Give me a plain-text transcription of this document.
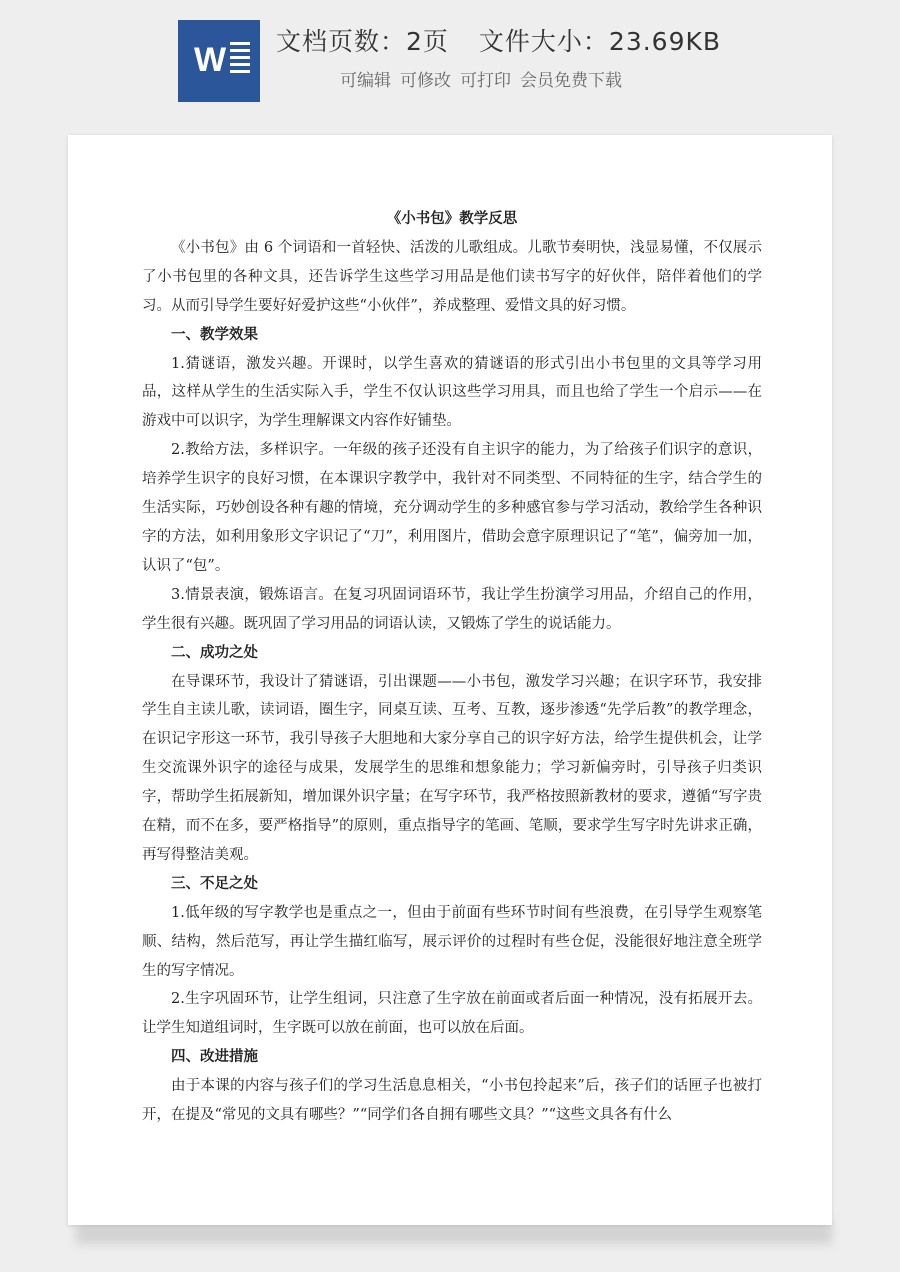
W 文档页数：2页 文件大小：23.69KB
可编辑 可修改 可打印 会员免费下载
《小书包》教学反思

《小书包》由 6 个词语和一首轻快、活泼的儿歌组成。儿歌节奏明快，浅显易懂，不仅展示了小书包里的各种文具，还告诉学生这些学习用品是他们读书写字的好伙伴，陪伴着他们的学习。从而引导学生要好好爱护这些“小伙伴”，养成整理、爱惜文具的好习惯。

一、教学效果

1.猜谜语，激发兴趣。开课时，以学生喜欢的猜谜语的形式引出小书包里的文具等学习用品，这样从学生的生活实际入手，学生不仅认识这些学习用具，而且也给了学生一个启示——在游戏中可以识字，为学生理解课文内容作好铺垫。

2.教给方法，多样识字。一年级的孩子还没有自主识字的能力，为了给孩子们识字的意识，培养学生识字的良好习惯，在本课识字教学中，我针对不同类型、不同特征的生字，结合学生的生活实际，巧妙创设各种有趣的情境，充分调动学生的多种感官参与学习活动，教给学生各种识字的方法，如利用象形文字识记了“刀”，利用图片，借助会意字原理识记了“笔”，偏旁加一加，认识了“包”。

3.情景表演，锻炼语言。在复习巩固词语环节，我让学生扮演学习用品，介绍自己的作用，学生很有兴趣。既巩固了学习用品的词语认读，又锻炼了学生的说话能力。

二、成功之处

在导课环节，我设计了猜谜语，引出课题——小书包，激发学习兴趣；在识字环节，我安排学生自主读儿歌，读词语，圈生字，同桌互读、互考、互教，逐步渗透“先学后教”的教学理念，在识记字形这一环节，我引导孩子大胆地和大家分享自己的识字好方法，给学生提供机会，让学生交流课外识字的途径与成果，发展学生的思维和想象能力；学习新偏旁时，引导孩子归类识字，帮助学生拓展新知，增加课外识字量；在写字环节，我严格按照新教材的要求，遵循“写字贵在精，而不在多，要严格指导”的原则，重点指导字的笔画、笔顺，要求学生写字时先讲求正确，再写得整洁美观。

三、不足之处

1.低年级的写字教学也是重点之一，但由于前面有些环节时间有些浪费，在引导学生观察笔顺、结构，然后范写，再让学生描红临写，展示评价的过程时有些仓促，没能很好地注意全班学生的写字情况。

2.生字巩固环节，让学生组词，只注意了生字放在前面或者后面一种情况，没有拓展开去。让学生知道组词时，生字既可以放在前面，也可以放在后面。

四、改进措施

由于本课的内容与孩子们的学习生活息息相关，“小书包拎起来”后，孩子们的话匣子也被打开，在提及“常见的文具有哪些？”“同学们各自拥有哪些文具？”“这些文具各有什么
